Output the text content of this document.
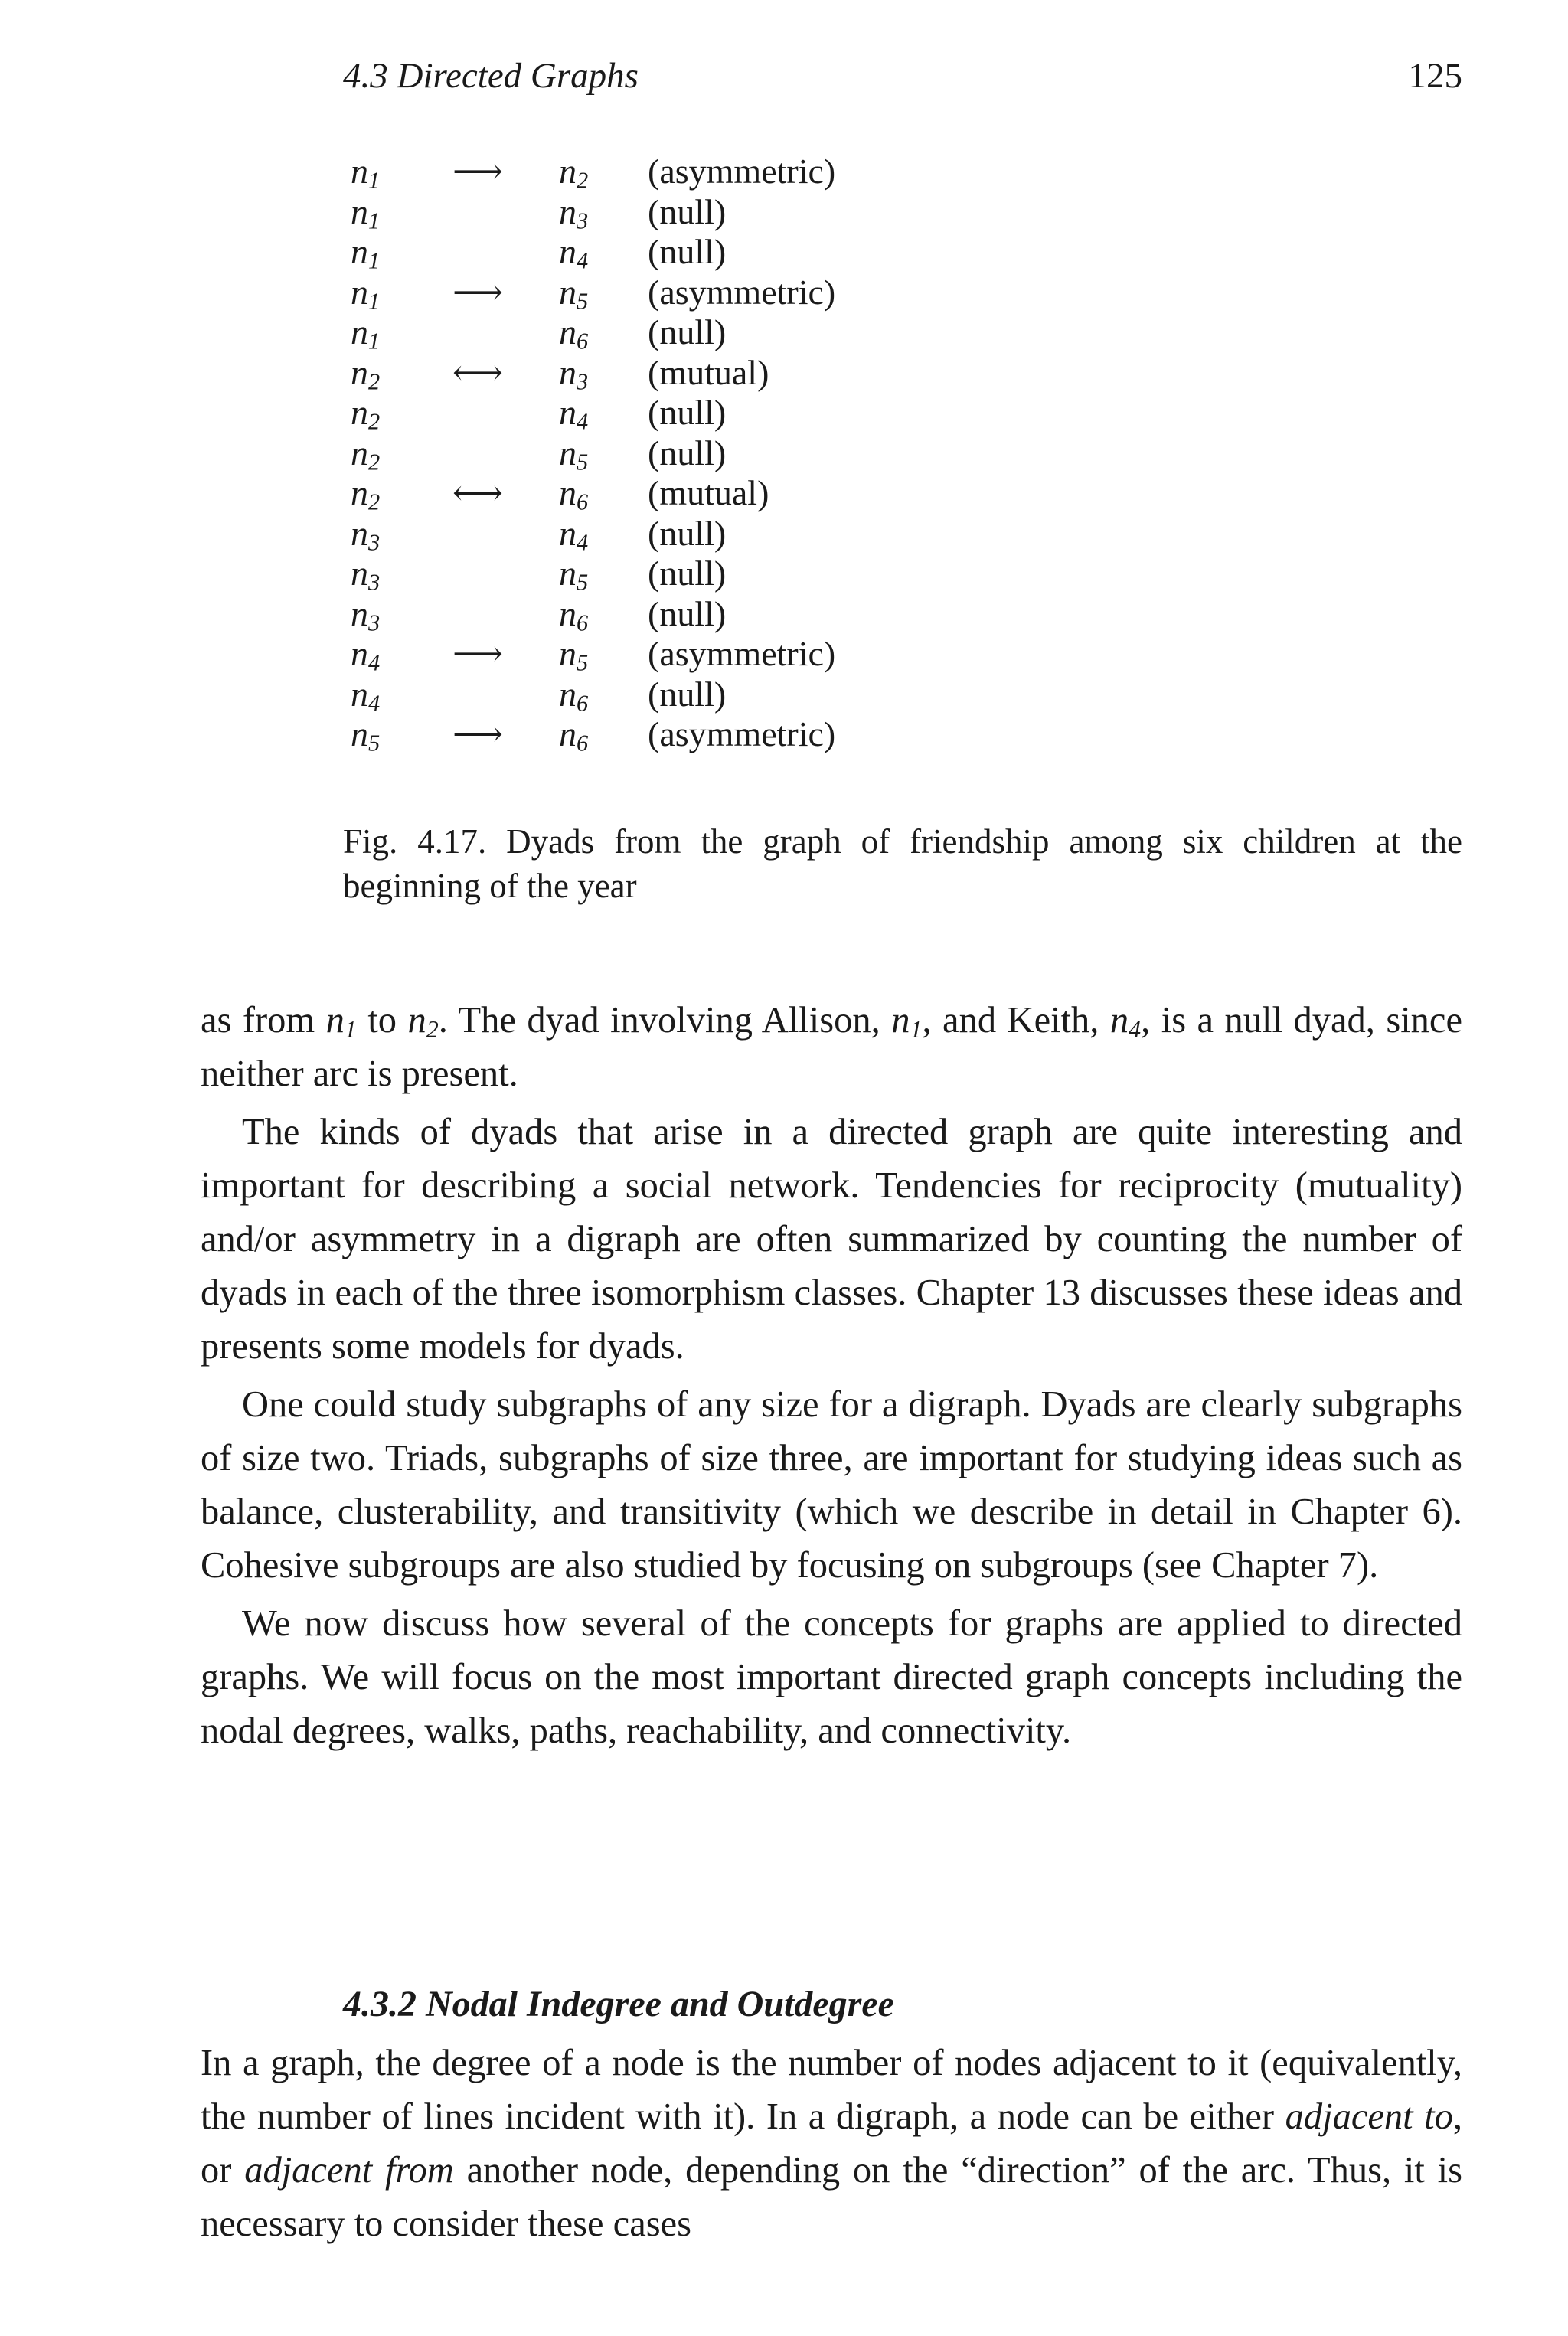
4.3 Directed Graphs	125
$n_1$ ⟶ $n_2$ (asymmetric)
$n_1$	$n_3$ (null)
$n_1$	$n_4$ (null)
$n_1$ ⟶ $n_5$ (asymmetric)
$n_1$	$n_6$ (null)
$n_2$ ⟷ $n_3$ (mutual)
$n_2$	$n_4$ (null)
$n_2$	$n_5$ (null)
$n_2$ ⟷ $n_6$ (mutual)
$n_3$	$n_4$ (null)
$n_3$	$n_5$ (null)
$n_3$	$n_6$ (null)
$n_4$ ⟶ $n_5$ (asymmetric)
$n_4$	$n_6$ (null)
$n_5$ ⟶ $n_6$ (asymmetric)
Fig. 4.17. Dyads from the graph of friendship among six children at the beginning of the year

as from $n_1$ to $n_2$. The dyad involving Allison, $n_1$, and Keith, $n_4$, is a null dyad, since neither arc is present.

The kinds of dyads that arise in a directed graph are quite interesting and important for describing a social network. Tendencies for reciprocity (mutuality) and/or asymmetry in a digraph are often summarized by counting the number of dyads in each of the three isomorphism classes. Chapter 13 discusses these ideas and presents some models for dyads.

One could study subgraphs of any size for a digraph. Dyads are clearly subgraphs of size two. Triads, subgraphs of size three, are important for studying ideas such as balance, clusterability, and transitivity (which we describe in detail in Chapter 6). Cohesive subgroups are also studied by focusing on subgroups (see Chapter 7).

We now discuss how several of the concepts for graphs are applied to directed graphs. We will focus on the most important directed graph concepts including the nodal degrees, walks, paths, reachability, and connectivity.

4.3.2 Nodal Indegree and Outdegree

In a graph, the degree of a node is the number of nodes adjacent to it (equivalently, the number of lines incident with it). In a digraph, a node can be either adjacent to, or adjacent from another node, depending on the “direction” of the arc. Thus, it is necessary to consider these cases
